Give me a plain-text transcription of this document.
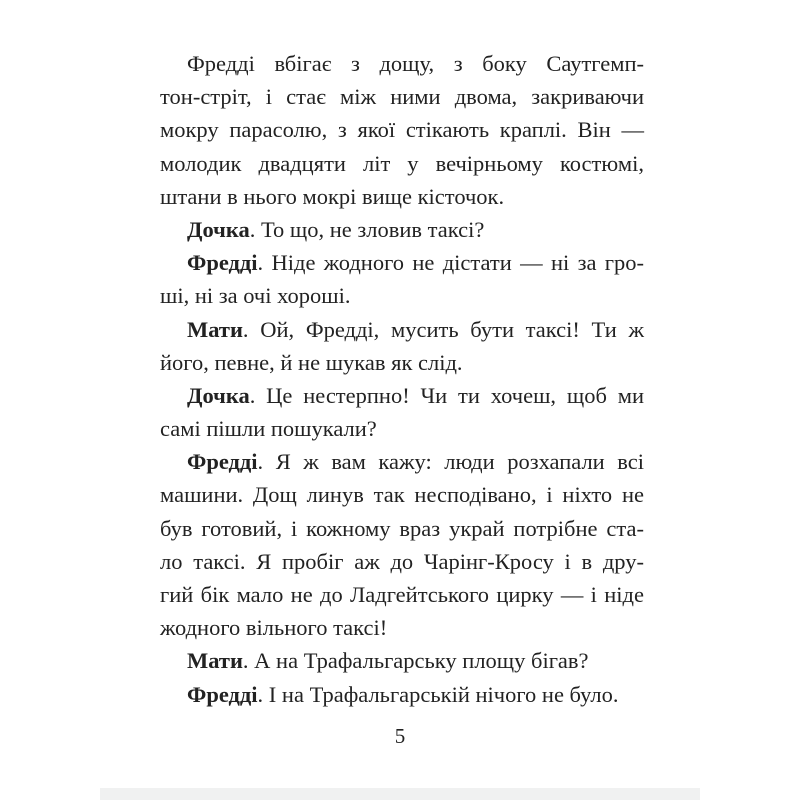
Фредді вбігає з дощу, з боку Саутгемп-
тон-стріт, і стає між ними двома, закриваючи
мокру парасолю, з якої стікають краплі. Він —
молодик двадцяти літ у вечірньому костюмі,
штани в нього мокрі вище кісточок.
Дочка. То що, не зловив таксі?
Фредді. Ніде жодного не дістати — ні за гро-
ші, ні за очі хороші.
Мати. Ой, Фредді, мусить бути таксі! Ти ж
його, певне, й не шукав як слід.
Дочка. Це нестерпно! Чи ти хочеш, щоб ми
самі пішли пошукали?
Фредді. Я ж вам кажу: люди розхапали всі
машини. Дощ линув так несподівано, і ніхто не
був готовий, і кожному враз украй потрібне ста-
ло таксі. Я пробіг аж до Чарінг-Кросу і в дру-
гий бік мало не до Ладгейтського цирку — і ніде
жодного вільного таксі!
Мати. А на Трафальгарську площу бігав?
Фредді. І на Трафальгарській нічого не було.
5
